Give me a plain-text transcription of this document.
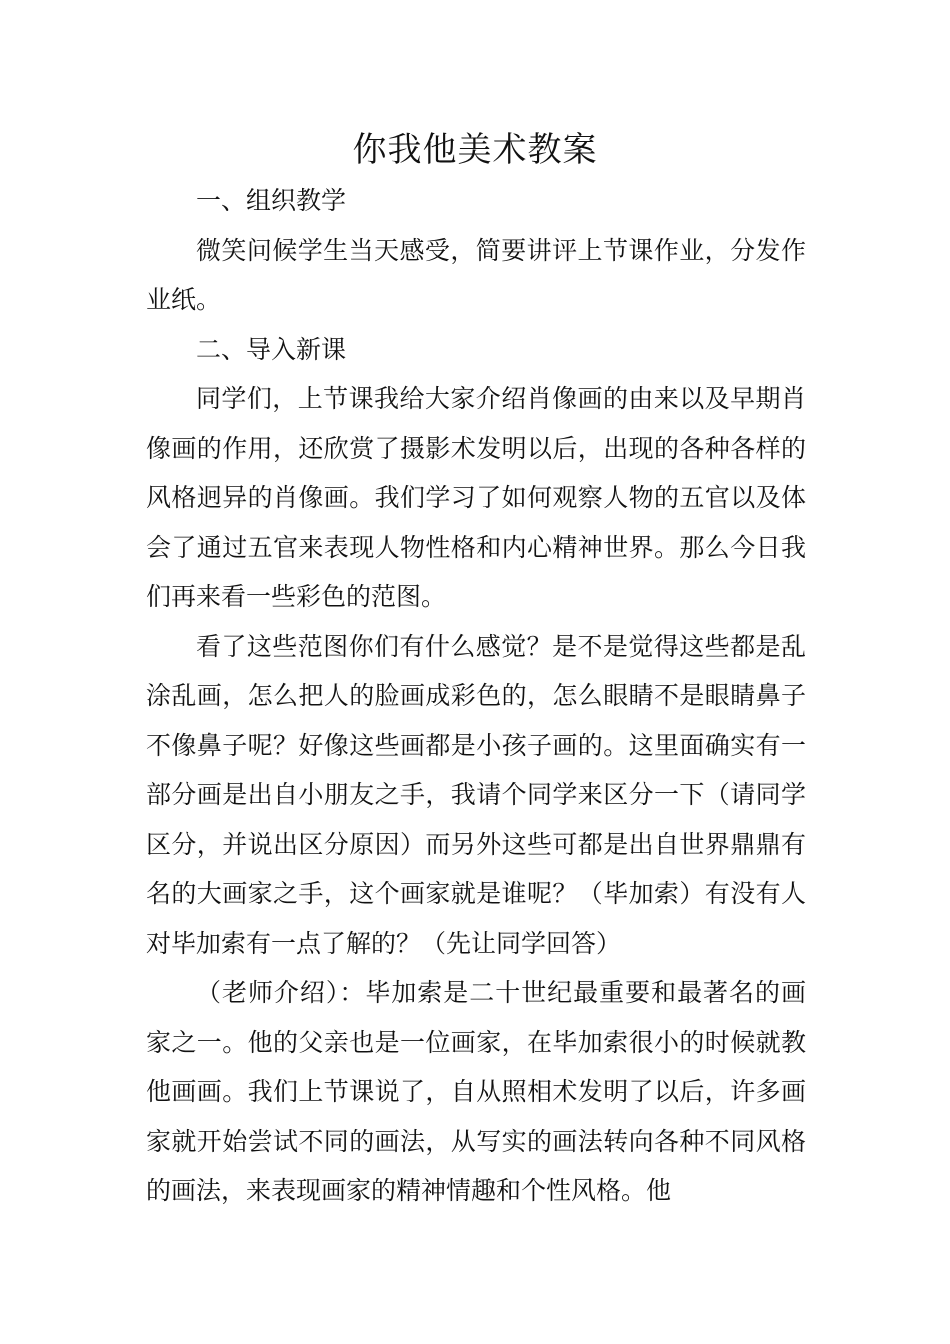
你我他美术教案

一、组织教学

微笑问候学生当天感受，简要讲评上节课作业，分发作业纸。

二、导入新课

同学们，上节课我给大家介绍肖像画的由来以及早期肖像画的作用，还欣赏了摄影术发明以后，出现的各种各样的风格迥异的肖像画。我们学习了如何观察人物的五官以及体会了通过五官来表现人物性格和内心精神世界。那么今日我们再来看一些彩色的范图。

看了这些范图你们有什么感觉？是不是觉得这些都是乱涂乱画，怎么把人的脸画成彩色的，怎么眼睛不是眼睛鼻子不像鼻子呢？好像这些画都是小孩子画的。这里面确实有一部分画是出自小朋友之手，我请个同学来区分一下（请同学区分，并说出区分原因）而另外这些可都是出自世界鼎鼎有名的大画家之手，这个画家就是谁呢？（毕加索）有没有人对毕加索有一点了解的？（先让同学回答）

（老师介绍）：毕加索是二十世纪最重要和最著名的画家之一。他的父亲也是一位画家，在毕加索很小的时候就教他画画。我们上节课说了，自从照相术发明了以后，许多画家就开始尝试不同的画法，从写实的画法转向各种不同风格的画法，来表现画家的精神情趣和个性风格。他
